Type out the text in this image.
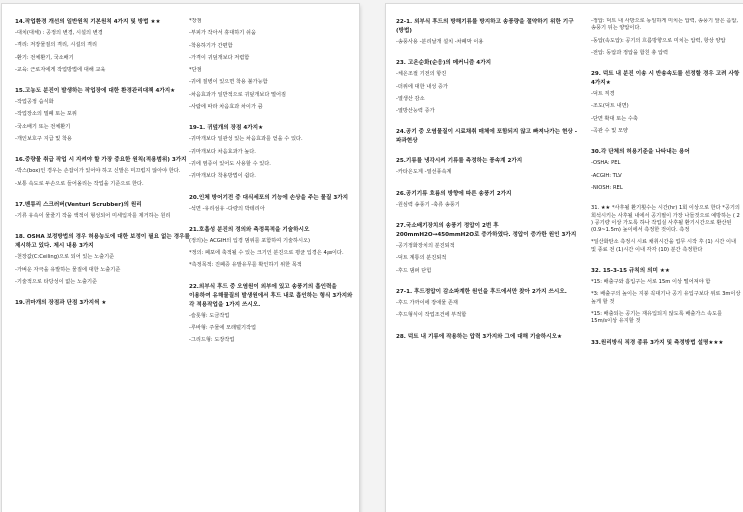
14.작업환경 개선의 일반원칙 기본원칙 4가지 및 방법 ★★

-대치(대체) : 공정의 변경, 시설의 변경

-격리: 저장물질의 격리, 시설의 격리

-환기: 전체환기, 국소배기

-교육: 근로자에게 작업방법에 대해 교육

15.고농도 분진이 발생하는 작업장에 대한 환경관리대책 4가지★

-작업공정 습식화

-작업장소의 밀폐 또는 포위

-국소배기 또는 전체환기

-개인보호구 지급 및 착용

16.중량물 취급 작업 시 지켜야 할 가장 중요한 원칙(적용범위) 3가지

-박스(box)인 경우는 손잡이가 있어야 하고 신발은 미끄럽지 않아야 한다.

-보통 속도로 두손으로 들어올리는 작업을 기준으로 한다.

17.벤튜리 스크러버(Venturi Scrubber)의 원리

-기류 유속이 물줄기 작을 액적이 형성되어 미세입자를 제거하는 원리

18. OSHA 보정방법의 경우 허용농도에 대한 보정이 필요 없는 경우를 제시하고 있다. 제시 내용 3가지

-천장값(C:Ceiling)으로 되어 있는 노출기준

-가벼운 자극을 유발하는 물질에 대한 노출기준

-기술적으로 타당성이 없는 노출기준

19.귀마개의 장점과 단점 3가지씩 ★

*장점

-부피가 작아서 휴대하기 쉬움

-착용하기가 간편함

-가격이 귀덮개보다 저렴함

*단점

-귀에 질병이 있으면 착용 불가능함

-차음효과가 일반적으로 귀덮개보다 떨어짐

-사람에 따라 차음효과 차이가 큼

19-1. 귀덮개의 장점 4가지★

-귀마개보다 일관성 있는 차음효과를 얻을 수 있다.

-귀마개보다 차음효과가 높다.

-귀에 염증이 있어도 사용할 수 있다.

-귀마개보다 착용방법이 쉽다.

20.인체 방어기전 중 대식세포의 기능에 손상을 주는 물질 3가지

-석면 -유리섬유 -다량의 박테리아

21.호흡성 분진의 정의와 측정목적을 기술하시오

(정의)는 ACGIH의 입경 범위를 포함하여 기술하시오)

*정의: 폐포에 축적될 수 있는 크기인 분진으로 평균 입경은 4㎛이다.

*측정목적: 진폐증 유발유무를 확인하기 위한 목적

22.외부식 후드 중 오염원이 외부에 있고 송풍기의 흡인력을 이용하여 유해물질의 발생원에서 후드 내로 흡인하는 형식 3가지와 각 적용작업을 1가지 쓰시오.

-슬롯형: 도금작업

-루바형: 주물에 모래털기작업

-그리드형: 도장작업

22-1. 외부식 후드의 방해기류를 방지하고 송풍량을 절약하기 위한 기구(방법)

-송풍사용 -분리날개 설치 -차폐막 이용

23. 고온순화(순응)의 메커니즘 4가지

-체온조절 기전의 항진

-더위에 대한 내성 증가

-열생산 감소

-열방산능력 증가

24.공기 중 오염물질이 시료채취 매체에 포함되지 않고 빠져나가는 현상 -파과현상

25.기류를 냉각시켜 기류를 측정하는 풍속계 2가지

-카타온도계 -열선풍속계

26.공기기류 흐름의 방향에 따른 송풍기 2가지

-원심력 송풍기 -축류 송풍기

27.국소배기장치의 송풍기 정압이 2번 후 200mmH2O→450mmH2O로 증가하였다. 정압이 증가한 원인 3가지

-공기정화장치의 분진퇴적

-덕트 계통의 분진퇴적

-후드 댐퍼 닫힘

27-1. 후드정압이 감소파계한 원인을 후드에서만 찾아 2가지 쓰시오.

-후드 가까이에 장애물 존재

-후드형식이 작업조건에 부적합

28. 덕트 내 기류에 작용하는 압력 3가지와 그에 대해 기술하시오★

-정압: 덕트 내 사방으로 동일하게 미치는 압력, 송풍기 앞은 음압, 송풍기 뒤는 양압이다.

-동압(속도압): 공기의 흐름방향으로 미치는 압력, 항상 양압

-전압: 동압과 정압을 합친 총 압력

29. 덕트 내 분진 이송 시 반송속도를 선정할 경우 고려 사항 4가지★

-덕트 직경

-조도(덕트 내면)

-단면 확대 또는 수축

-곡관 수 및 모양

30.각 단체의 허용기준을 나타내는 용어

-OSHA: PEL

-ACGIH: TLV

-NIOSH: REL

31. ★★ *사후될 환기횟수는 시간(hr) 1회 이상으로 한다 *공기의 희석시키는 사후될 내에서 공기필이 가장 나들것으로 예방하는 ( 2 ) 공기량 이상 가도록 하나 작업실 사후될 환기시간으로 환산된 (0.9~1.5m) 높이에서 측정한 것이다. 측정

*일산화탄소 측정시 시료 채취시간을 업무 시작 후 (1) 시간 이내 및 종료 전 (1)시간 이내 각각 (10) 분간 측정한다

32. 15-3-15 규칙의 의미 ★★

*15: 배출구와 흡입구는 서로 15m 이상 떨어져야 함

*3: 배출구의 높이는 지붕 꼭대기나 공기 유입구보다 위로 3m이상 높게 할 것

*15: 배출되는 공기는 재유입되지 않도록 배출가스 속도를 15m/s이상 유지할 것

33.원리방식 직경 종류 3가지 및 측정방법 설명★★★
